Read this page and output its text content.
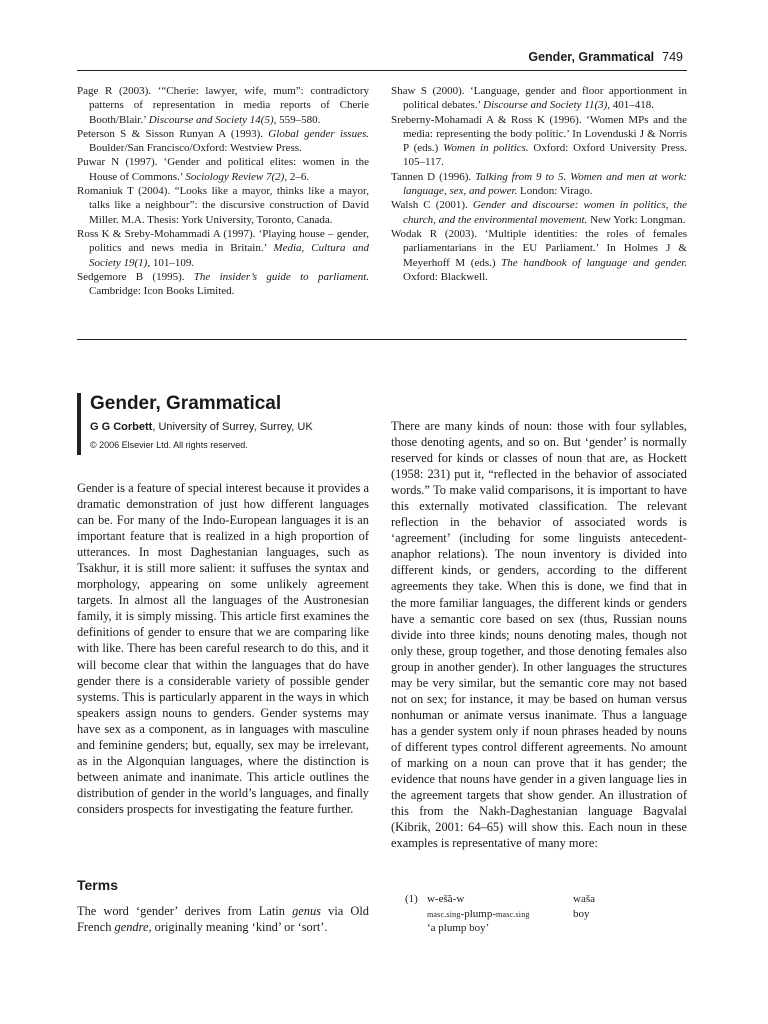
Gender, Grammatical 749

Page R (2003). ‘“Cherie: lawyer, wife, mum”: contradictory patterns of representation in media reports of Cherie Booth/Blair.’ Discourse and Society 14(5), 559–580.

Peterson S & Sisson Runyan A (1993). Global gender issues. Boulder/San Francisco/Oxford: Westview Press.

Puwar N (1997). ‘Gender and political elites: women in the House of Commons.’ Sociology Review 7(2), 2–6.

Romaniuk T (2004). “Looks like a mayor, thinks like a mayor, talks like a neighbour”: the discursive construction of David Miller. M.A. Thesis: York University, Toronto, Canada.

Ross K & Sreby-Mohammadi A (1997). ‘Playing house – gender, politics and news media in Britain.’ Media, Cultura and Society 19(1), 101–109.

Sedgemore B (1995). The insider’s guide to parliament. Cambridge: Icon Books Limited.

Shaw S (2000). ‘Language, gender and floor apportionment in political debates.’ Discourse and Society 11(3), 401–418.

Sreberny-Mohamadi A & Ross K (1996). ‘Women MPs and the media: representing the body politic.’ In Lovenduski J & Norris P (eds.) Women in politics. Oxford: Oxford University Press. 105–117.

Tannen D (1996). Talking from 9 to 5. Women and men at work: language, sex, and power. London: Virago.

Walsh C (2001). Gender and discourse: women in politics, the church, and the environmental movement. New York: Longman.

Wodak R (2003). ‘Multiple identities: the roles of females parliamentarians in the EU Parliament.’ In Holmes J & Meyerhoff M (eds.) The handbook of language and gender. Oxford: Blackwell.

Gender, Grammatical
G G Corbett, University of Surrey, Surrey, UK
© 2006 Elsevier Ltd. All rights reserved.

Gender is a feature of special interest because it provides a dramatic demonstration of just how different languages can be. For many of the Indo-European languages it is an important feature that is realized in a high proportion of utterances. In most Daghestanian languages, such as Tsakhur, it is still more salient: it suffuses the syntax and morphology, appearing on some unlikely agreement targets. In almost all the languages of the Austronesian family, it is simply missing. This article first examines the definitions of gender to ensure that we are comparing like with like. There has been careful research to do this, and it will become clear that within the languages that do have gender there is a considerable variety of possible gender systems. This is particularly apparent in the ways in which speakers assign nouns to genders. Gender systems may have sex as a component, as in languages with masculine and feminine genders; but, equally, sex may be irrelevant, as in the Algonquian languages, where the distinction is between animate and inanimate. This article outlines the distribution of gender in the world’s languages, and finally considers prospects for investigating the feature further.

Terms

The word ‘gender’ derives from Latin genus via Old French gendre, originally meaning ‘kind’ or ‘sort’.

There are many kinds of noun: those with four syllables, those denoting agents, and so on. But ‘gender’ is normally reserved for kinds or classes of noun that are, as Hockett (1958: 231) put it, “reflected in the behavior of associated words.” To make valid comparisons, it is important to have this externally motivated classification. The relevant reflection in the behavior of associated words is ‘agreement’ (including for some linguists antecedent-anaphor relations). The noun inventory is divided into different kinds, or genders, according to the different agreements they take. When this is done, we find that in the more familiar languages, the different kinds or genders have a semantic core based on sex (thus, Russian nouns divide into three kinds; nouns denoting males, though not only these, group together, and those denoting females also group in another gender). In other languages the structures may be very similar, but the semantic core may not based not on sex; for instance, it may be based on human versus nonhuman or animate versus inanimate. Thus a language has a gender system only if noun phrases headed by nouns of different types control different agreements. No amount of marking on a noun can prove that it has gender; the evidence that nouns have gender in a given language lies in the agreement targets that show gender. An illustration of this from the Nakh-Daghestanian language Bagvalal (Kibrik, 2001: 64–65) will show this. Each noun in these examples is representative of many more:

(1) w-eš̃a-w	waša
masc.sing-plump-masc.sing	boy
‘a plump boy’
